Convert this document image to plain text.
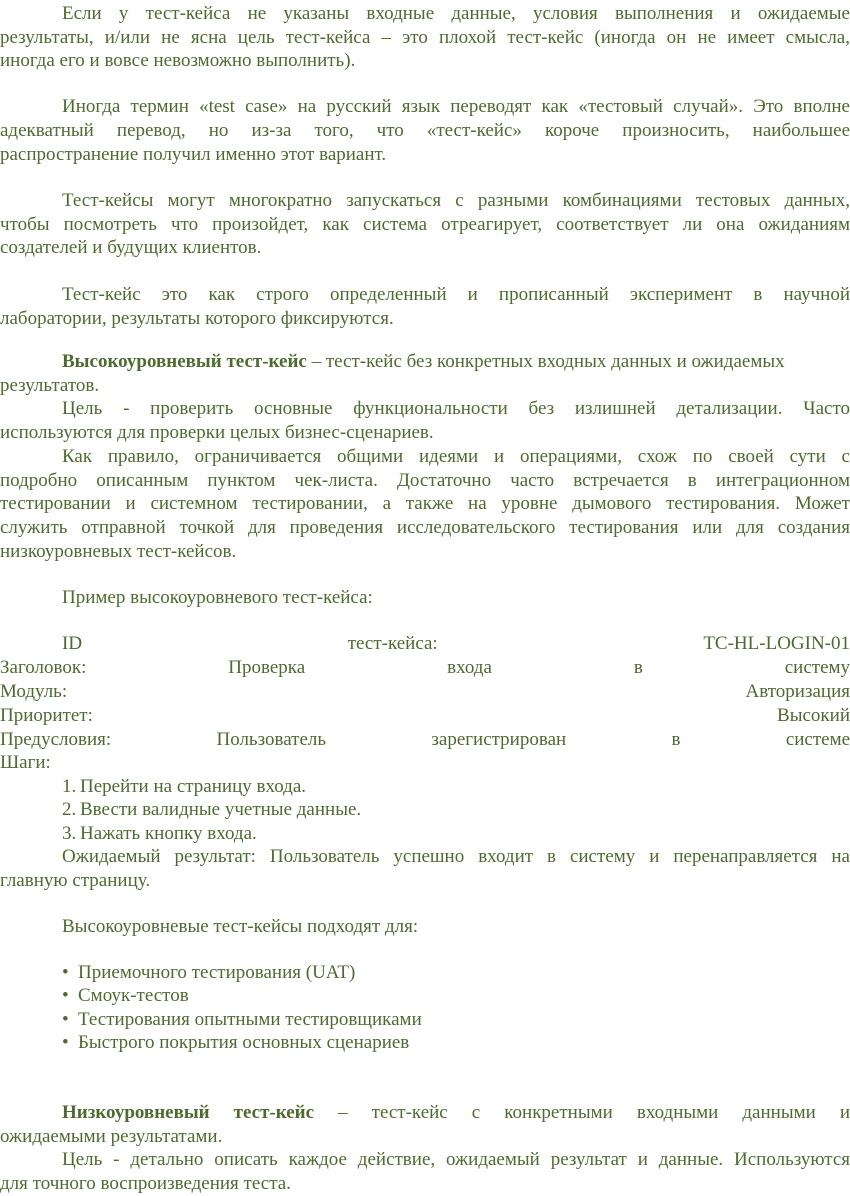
Если у тест-кейса не указаны входные данные, условия выполнения и ожидаемые
результаты, и/или не ясна цель тест-кейса – это плохой тест-кейс (иногда он не имеет смысла,
иногда его и вовсе невозможно выполнить).
Иногда термин «test case» на русский язык переводят как «тестовый случай». Это вполне
адекватный перевод, но из-за того, что «тест-кейс» короче произносить, наибольшее
распространение получил именно этот вариант.
Тест-кейсы могут многократно запускаться с разными комбинациями тестовых данных,
чтобы посмотреть что произойдет, как система отреагирует, соответствует ли она ожиданиям
создателей и будущих клиентов.
Тест-кейс это как строго определенный и прописанный эксперимент в научной
лаборатории, результаты которого фиксируются.
Высокоуровневый тест-кейс – тест-кейс без конкретных входных данных и ожидаемых
результатов.
Цель - проверить основные функциональности без излишней детализации. Часто
используются для проверки целых бизнес-сценариев.
Как правило, ограничивается общими идеями и операциями, схож по своей сути с
подробно описанным пунктом чек-листа. Достаточно часто встречается в интеграционном
тестировании и системном тестировании, а также на уровне дымового тестирования. Может
служить отправной точкой для проведения исследовательского тестирования или для создания
низкоуровневых тест-кейсов.
Пример высокоуровневого тест-кейса:
ID	тест-кейса:	TC-HL-LOGIN-01
Заголовок:	Проверка	входа	в	систему
Модуль:	Авторизация
Приоритет:	Высокий
Предусловия:	Пользователь	зарегистрирован	в	системе
Шаги:
1. Перейти на страницу входа.
2. Ввести валидные учетные данные.
3. Нажать кнопку входа.
Ожидаемый результат: Пользователь успешно входит в систему и перенаправляется на
главную страницу.
Высокоуровневые тест-кейсы подходят для:
• Приемочного тестирования (UAT)
• Смоук-тестов
• Тестирования опытными тестировщиками
• Быстрого покрытия основных сценариев
Низкоуровневый тест-кейс – тест-кейс с конкретными входными данными и
ожидаемыми результатами.
Цель - детально описать каждое действие, ожидаемый результат и данные. Используются
для точного воспроизведения теста.
